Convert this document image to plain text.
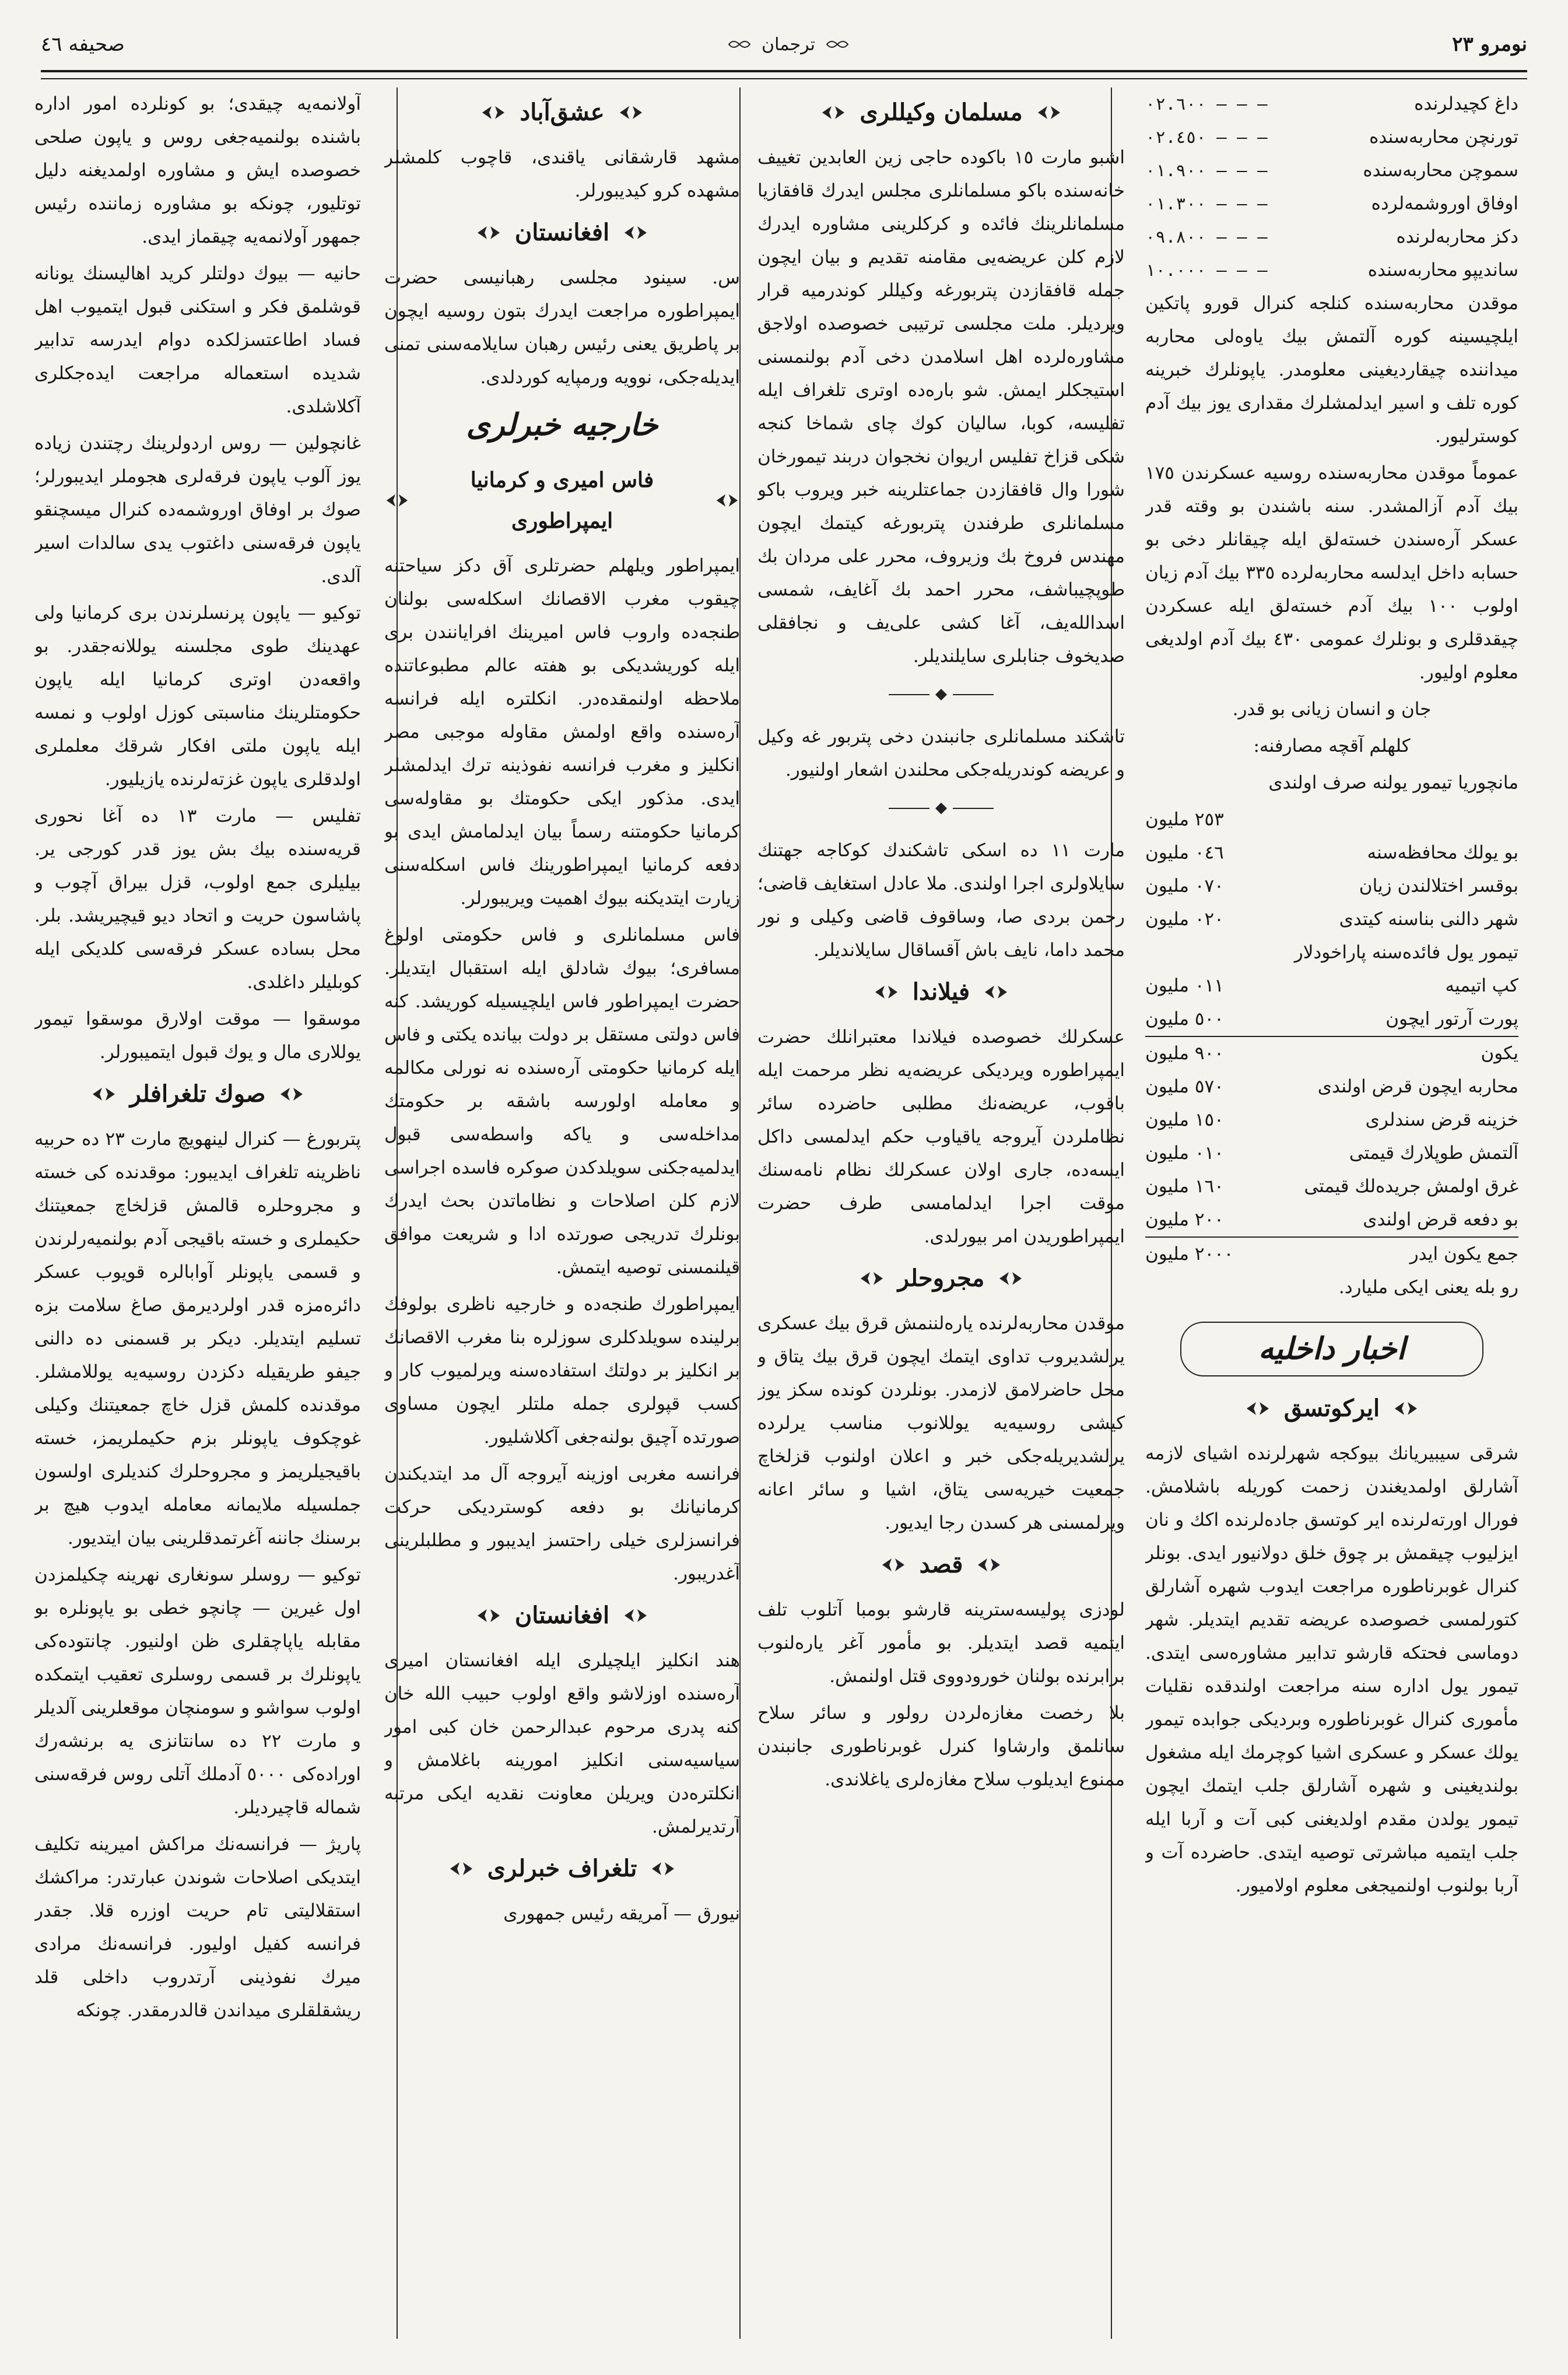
نومرو ٢٣
ترجمان
صحیفه ٤٦
داغ كچیدلرنده
٠٢.٦٠٠ — — —
تورنچن محاربه‌سنده
٠٢.٤٥٠ — — —
سموچن محاربه‌سنده
٠١.٩٠٠ — — —
اوفاق اوروشمه‌لرده
٠١.٣٠٠ — — —
دكز محاربه‌لرنده
٠٩.٨٠٠ — — —
ساندیپو محاربه‌سنده
١٠.٠٠٠ — — —

موقدن محاربه‌سنده كنلجه كنرال قورو پاتكین ایلچیسینه كوره آلتمش بیك یاوه‌لی محاربه میداننده چیقاردیغینی معلومدر. یاپونلرك خبرینه كوره تلف و اسیر ایدلمشلرك مقداری یوز بیك آدم كوسترلیور.

عموماً موقدن محاربه‌سنده روسیه عسكرندن ١٧٥ بیك آدم آزالمشدر. سنه باشندن بو وقته قدر عسكر آره‌سندن خسته‌لق ایله چیقانلر دخی بو حسابه داخل ایدلسه محاربه‌لرده ٣٣٥ بیك آدم زیان اولوب ١٠٠ بیك آدم خسته‌لق ایله عسكردن چیقدقلری و بونلرك عمومی ٤٣٠ بیك آدم اولدیغی معلوم اولیور.

جان و انسان زیانی بو قدر.

كلهلم آقچه مصارفنه:

مانچوریا تیمور یولنه صرف اولندی

٢٥٣ ملیون
بو یولك محافظه‌سنه
٠٤٦ ملیون
بوقسر اختلالندن زیان
٠٧٠ ملیون
شهر دالنی بناسنه كیتدی
٠٢٠ ملیون
تیمور یول فائده‌سنه پاراخودلار
كپ اتیمیه
٠١١ ملیون
پورت آرتور ایچون
٥٠٠ ملیون
یكون
٩٠٠ ملیون
محاربه ایچون قرض اولندی
٥٧٠ ملیون
خزینه قرض سندلری
١٥٠ ملیون
آلتمش طوپلارك قیمتی
٠١٠ ملیون
غرق اولمش جریده‌لك قیمتی
١٦٠ ملیون
بو دفعه قرض اولندی
٢٠٠ ملیون
جمع یكون ایدر
٢٠٠٠ ملیون

رو بله یعنی ایكی ملیارد.

اخبار داخلیه
ایركوتسق

شرقی سیبیریانك بیوكجه شهرلرنده اشیای لازمه آشارلق اولمدیغندن زحمت كوریله باشلامش. فورال اورته‌لرنده ایر كوتسق جاده‌لرنده اكك و نان ایزلیوب چیقمش بر چوق خلق دولانیور ایدی. بونلر كنرال غوبرناطوره مراجعت ایدوب شهره آشارلق كتورلمسی خصوصده عریضه تقدیم ایتدیلر. شهر دوماسی فحتكه قارشو تدابیر مشاوره‌سی ایتدی. تیمور یول اداره سنه مراجعت اولندقده نقلیات مأموری كنرال غوبرناطوره وبردیكی جوابده تیمور یولك عسكر و عسكری اشیا كوچرمك ایله مشغول بولندیغینی و شهره آشارلق جلب ایتمك ایچون تیمور یولدن مقدم اولدیغنی كبی آت و آربا ایله جلب ایتمیه مباشرتی توصیه ایتدی. حاضرده آت و آربا بولنوب اولنمیجغی معلوم اولامیور.

مسلمان وكیللری

اشبو مارت ١٥ باكوده حاجی زین العابدین تغییف خانه‌سنده باكو مسلمانلری مجلس ایدرك قافقازیا مسلمانلرینك فائده و كركلرینی مشاوره ایدرك لازم كلن عریضه‌یی مقامنه تقدیم و بیان ایچون جمله قافقازدن پتربورغه وكیللر كوندرمیه قرار ویردیلر. ملت مجلسی ترتیبی خصوصده اولاجق مشاوره‌لرده اهل اسلامدن دخی آدم بولنمسنی استیجكلر ایمش. شو باره‌ده اوتری تلغراف ایله تفلیسه، كوبا، سالیان كوك چای شماخا كنجه شكی قزاخ تفلیس اریوان نخجوان دربند تیمورخان شورا وال قافقازدن جماعتلرینه خبر ویروب باكو مسلمانلری طرفندن پتربورغه كیتمك ایچون مهندس فروخ بك وزیروف، محرر علی مردان بك طوپچیباشف، محرر احمد بك آغایف، شمسی اسدالله‌یف، آغا كشی علی‌یف و نجافقلی صدیخوف جنابلری سایلندیلر.

تاشكند مسلمانلری جانبندن دخی پتربور غه وكیل و عریضه كوندریله‌جكی محلندن اشعار اولنیور.

مارت ١١ ده اسكی تاشكندك كوكاجه جهتنك سایلاولری اجرا اولندی. ملا عادل استغایف قاضی؛ رحمن بردی صا، وساقوف قاضی وكیلی و نور محمد داما، نایف باش آقساقال سایلاندیلر.

فیلاندا

عسكرلك خصوصده فیلاندا معتبرانلك حضرت ایمپراطوره ویردیكی عریضه‌یه نظر مرحمت ایله باقوب، عریضه‌نك مطلبی حاضرده سائر نظاملردن آیروجه یاقیاوب حكم ایدلمسی داكل ایسه‌ده، جاری اولان عسكرلك نظام نامه‌سنك موقت اجرا ایدلمامسی طرف حضرت ایمپراطوریدن امر بیورلدی.

مجروحلر

موقدن محاربه‌لرنده یاره‌لننمش قرق بیك عسكری یرلشدیروب تداوی ایتمك ایچون قرق بیك یتاق و محل حاضرلامق لازمدر. بونلردن كونده سكز یوز كیشی روسیه‌یه یوللانوب مناسب یرلرده یرلشدیریله‌جكی خبر و اعلان اولنوب قزلخاچ جمعیت خیریه‌سی یتاق، اشیا و سائر اعانه ویرلمسنی هر كسدن رجا ایدیور.

قصد

لودزی پولیسه‌سترینه قارشو بومبا آتلوب تلف ایتمیه قصد ایتدیلر. بو مأمور آغر یاره‌لنوب برابرنده بولنان خورودووی قتل اولنمش.

بلا رخصت مغازه‌لردن رولور و سائر سلاح سانلمق وارشاوا كنرل غوبرناطوری جانبندن ممنوع ایدیلوب سلاح مغازه‌لری یاغلاندی.

عشق‌آباد

مشهد قارشقانی یاقندی، قاچوب كلمشلر مشهده كرو كیدیبورلر.

افغانستان

س. سینود مجلسی رهبانیسی حضرت ایمپراطوره مراجعت ایدرك بتون روسیه ایچون بر پاطریق یعنی رئیس رهبان سایلامه‌سنی تمنی ایدیله‌جكی، نوویه ورمپایه كوردلدی.

خارجیه خبرلری
فاس امیری و كرمانیا ایمپراطوری

ایمپراطور ویلهلم حضرتلری آق دكز سیاحتنه چیقوب مغرب الاقصانك اسكله‌سی بولنان طنجه‌ده واروب فاس امیرینك افرایانندن بری ایله كوریشدیكی بو هفته عالم مطبوعاتنده ملاحظه اولنمقده‌در. انكلتره ایله فرانسه آره‌سنده واقع اولمش مقاوله موجبی مصر انكلیز و مغرب فرانسه نفوذینه ترك ایدلمشلر ایدی. مذكور ایكی حكومتك بو مقاوله‌سی كرمانیا حكومتنه رسماً بیان ایدلمامش ایدی بو دفعه كرمانیا ایمپراطورینك فاس اسكله‌سنی زیارت ایتدیكنه بیوك اهمیت ویریبورلر.

فاس مسلمانلری و فاس حكومتی اولوغ مسافری؛ بیوك شادلق ایله استقبال ایتدیلر. حضرت ایمپراطور فاس ایلچیسیله كوریشد. كنه فاس دولتی مستقل بر دولت بیانده یكتی و فاس ایله كرمانیا حكومتی آره‌سنده نه نورلی مكالمه و معامله اولورسه باشقه بر حكومتك مداخله‌سی و یاكه واسطه‌سی قبول ایدلمیه‌جكنی سویلدكدن صوكره فاسده اجراسی لازم كلن اصلاحات و نظاماتدن بحث ایدرك بونلرك تدریجی صورتده ادا و شریعت موافق قیلنمسنی توصیه ایتمش.

ایمپراطورك طنجه‌ده و خارجیه ناظری بولوفك برلینده سویلدكلری سوزلره بنا مغرب الاقصانك بر انكلیز بر دولتك استفاده‌سنه ویرلمیوب كار و كسب قپولری جمله ملتلر ایچون مساوی صورتده آچیق بولنه‌جغی آكلاشلیور.

فرانسه مغربی اوزینه آیروجه آل مد ایتدیكندن كرمانیانك بو دفعه كوستردیكی حركت فرانسزلری خیلی راحتسز ایدیبور و مطلبلرینی آغدریبور.

افغانستان

هند انكلیز ایلچیلری ایله افغانستان امیری آره‌سنده اوزلاشو واقع اولوب حبیب الله خان كنه پدری مرحوم عبدالرحمن خان كبی امور سیاسیه‌سنی انكلیز امورینه باغلامش و انكلتره‌دن ویریلن معاونت نقدیه ایكی مرتبه آرتدیرلمش.

تلغراف خبرلری

نیورق — آمریقه رئیس جمهوری

آولانمه‌یه چیقدی؛ بو كونلرده امور اداره باشنده بولنمیه‌جغی روس و یاپون صلحی خصوصده ایش و مشاوره اولمدیغنه دلیل توتلیور، چونكه بو مشاوره زماننده رئیس جمهور آولانمه‌یه چیقماز ایدی.

حانیه — بیوك دولتلر كرید اهالیسنك یونانه قوشلمق فكر و استكنی قبول ایتمیوب اهل فساد اطاعتسزلكده دوام ایدرسه تدابیر شدیده استعماله مراجعت ایده‌جكلری آكلاشلدی.

غانچولین — روس اردولرینك رچتندن زیاده یوز آلوب یاپون فرقه‌لری هجوملر ایدیبورلر؛ صوك بر اوفاق اوروشمه‌ده كنرال میسچنقو یاپون فرقه‌سنی داغتوب یدی سالدات اسیر آلدی.

توكیو — یاپون پرنسلرندن بری كرمانیا ولی عهدینك طوی مجلسنه یوللانه‌جقدر. بو واقعه‌دن اوتری كرمانیا ایله یاپون حكومتلرینك مناسبتی كوزل اولوب و نمسه ایله یاپون ملتی افكار شرقك معلملری اولدقلری یاپون غزته‌لرنده یازیلیور.

تفلیس — مارت ١٣ ده آغا نحوری قریه‌سنده بیك بش یوز قدر كورجی یر. بیلیلری جمع اولوب، قزل بیراق آچوب و پاشاسون حریت و اتحاد دیو قیچیریشد. بلر. محل بساده عسكر فرقه‌سی كلدیكی ایله كوبلیلر داغلدی.

موسقوا — موقت اولارق موسقوا تیمور یوللاری مال و یوك قبول ایتمیبورلر.

صوك تلغرافلر

پتربورغ — كنرال لینهویچ مارت ٢٣ ده حربیه ناظرینه تلغراف ایدیبور: موقدنده كی خسته و مجروحلره قالمش قزلخاچ جمعیتنك حكیملری و خسته باقیجی آدم بولنمیه‌رلرندن و قسمی یاپونلر آوابالره قویوب عسكر دائره‌مزه قدر اولردیرمق صاغ سلامت بزه تسلیم ایتدیلر. دیكر بر قسمنی ده دالنی جیفو طریقیله دكزدن روسیه‌یه یوللامشلر. موقدنده كلمش قزل خاچ جمعیتنك وكیلی غوچكوف یاپونلر بزم حكیملریمز، خسته باقیجیلریمز و مجروحلرك كندیلری اولسون جملسیله ملایمانه معامله ایدوب هیچ بر برسنك جاننه آغرتمدقلرینی بیان ایتدیور.

توكیو — روسلر سونغاری نهرینه چكیلمزدن اول غیرین — چانچو خطی بو یاپونلره بو مقابله یاپاچقلری ظن اولنیور. چانتوده‌كی یاپونلرك بر قسمی روسلری تعقیب ایتمكده اولوب سواشو و سومنچان موقعلرینی آلدیلر و مارت ٢٢ ده سانتانزی یه برنشه‌رك اوراده‌كی ٥٠٠٠ آدملك آتلی روس فرقه‌سنی شماله قاچیردیلر.

پاریژ — فرانسه‌نك مراكش امیرینه تكلیف ایتدیكی اصلاحات شوندن عبارتدر: مراكشك استقلالیتی تام حریت اوزره قلا. جقدر فرانسه كفیل اولیور. فرانسه‌نك مرادی میرك نفوذینی آرتدروب داخلی قلد ریشقلقلری میداندن قالدرمقدر. چونكه
